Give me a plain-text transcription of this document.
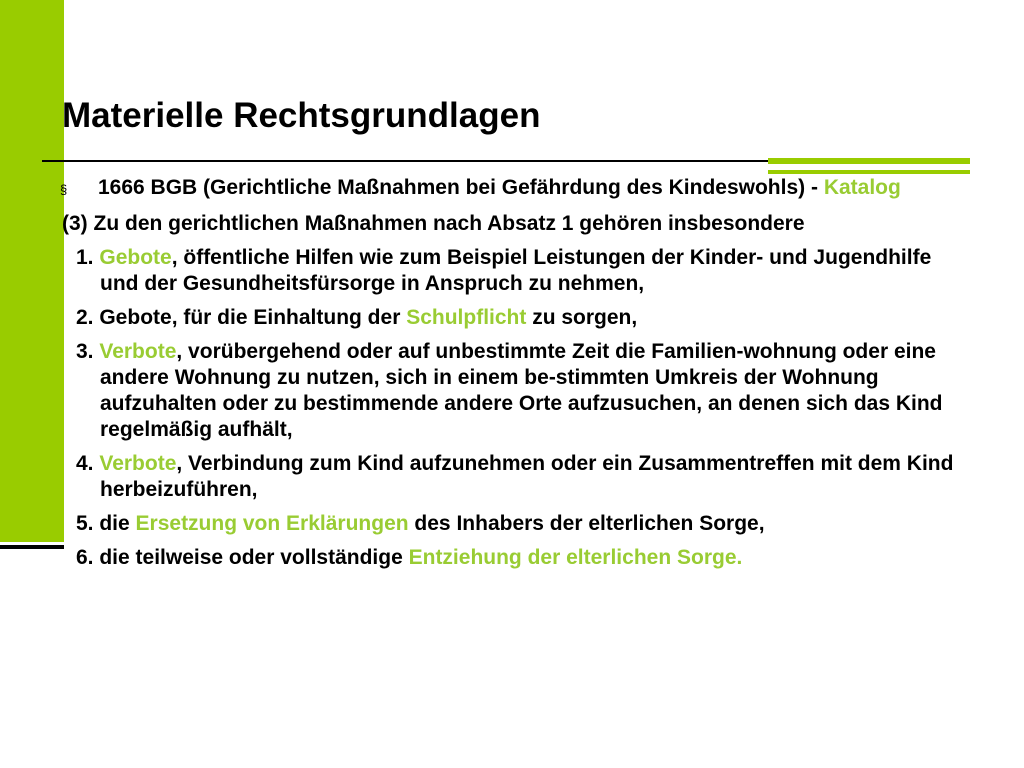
Materielle Rechtsgrundlagen

§ 1666 BGB (Gerichtliche Maßnahmen bei Gefährdung des Kindeswohls) - Katalog

(3) Zu den gerichtlichen Maßnahmen nach Absatz 1 gehören insbesondere

1. Gebote, öffentliche Hilfen wie zum Beispiel Leistungen der Kinder- und Jugendhilfe und der Gesundheitsfürsorge in Anspruch zu nehmen,

2. Gebote, für die Einhaltung der Schulpflicht zu sorgen,

3. Verbote, vorübergehend oder auf unbestimmte Zeit die Familien-wohnung oder eine andere Wohnung zu nutzen, sich in einem be-stimmten Umkreis der Wohnung aufzuhalten oder zu bestimmende andere Orte aufzusuchen, an denen sich das Kind regelmäßig aufhält,

4. Verbote, Verbindung zum Kind aufzunehmen oder ein Zusammentreffen mit dem Kind herbeizuführen,

5. die Ersetzung von Erklärungen des Inhabers der elterlichen Sorge,

6. die teilweise oder vollständige Entziehung der elterlichen Sorge.
